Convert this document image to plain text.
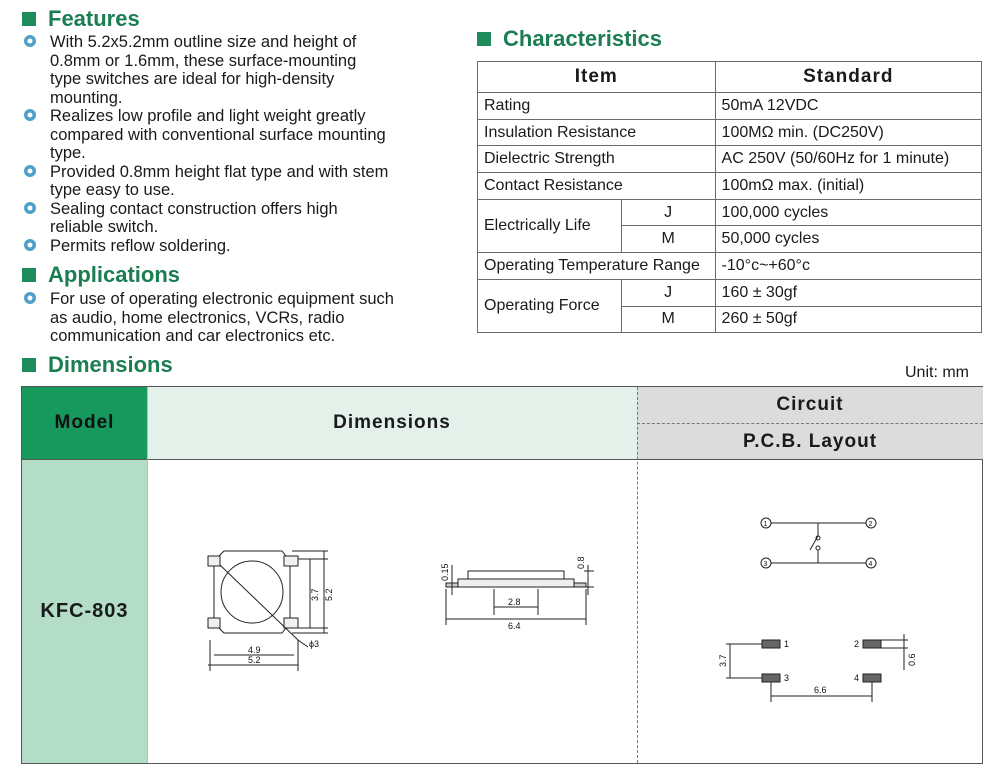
Features
With 5.2x5.2mm outline size and height of
0.8mm or 1.6mm, these surface-mounting
type switches are ideal for high-density
mounting.
Realizes low profile and light weight greatly
compared with conventional surface mounting
type.
Provided 0.8mm height flat type and with stem
type easy to use.
Sealing contact construction offers high
reliable switch.
Permits reflow soldering.
Applications
For use of operating electronic equipment such
as audio, home electronics, VCRs, radio
communication and car electronics etc.
Characteristics
Item		Standard
Rating		50mA 12VDC
Insulation Resistance		100MΩ min. (DC250V)
Dielectric Strength		AC 250V (50/60Hz for 1 minute)
Contact Resistance		100mΩ max. (initial)
Electrically Life	J	100,000 cycles
	M	50,000 cycles
Operating Temperature Range		-10°c~+60°c
Operating Force	J	160 ± 30gf
	M	260 ± 50gf
Dimensions	Unit: mm
Model	Dimensions
Circuit
P.C.B. Layout
KFC-803
4.9
5.2
ϕ3
3.7 5.2
2.8
6.4
0.15
0.8
1	2
3	4
1	2
3	4
6.6
3.7	0.6
